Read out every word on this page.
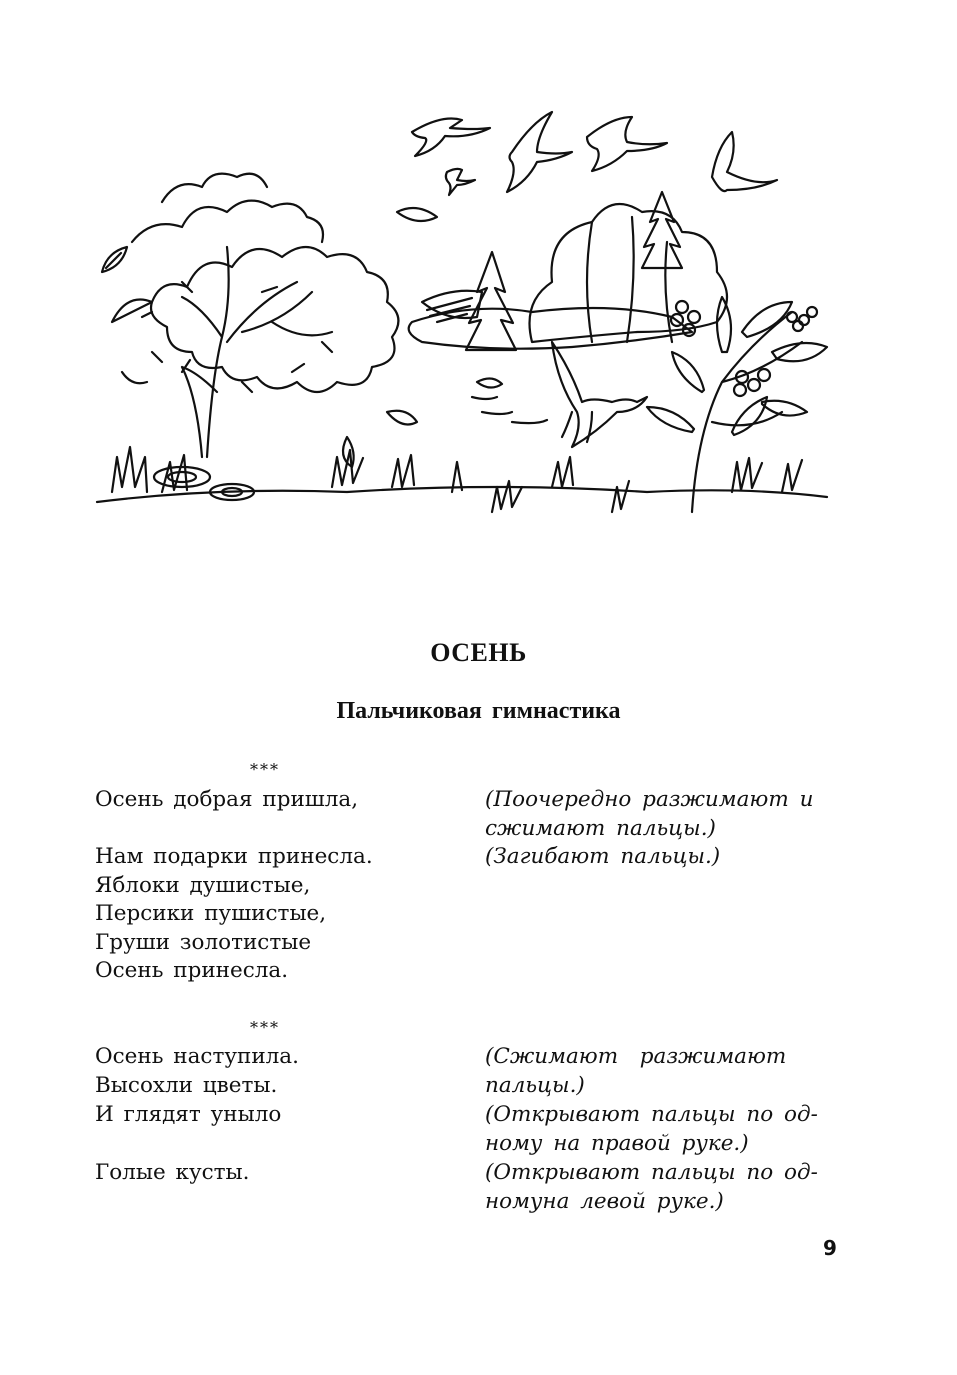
ОСЕНЬ
Пальчиковая гимнастика
***
Осень добрая пришла,	(Поочередно разжимают и
сжимают пальцы.)
Нам подарки принесла.	(Загибают пальцы.)
Яблоки душистые,
Персики пушистые,
Груши золотистые
Осень принесла.
***
Осень наступила.	(Сжимают  разжимают
Высохли цветы.	пальцы.)
И глядят уныло	(Открывают пальцы по од-
ному на правой руке.)
Голые кусты.	(Открывают пальцы по од-
номуна левой руке.)
9
